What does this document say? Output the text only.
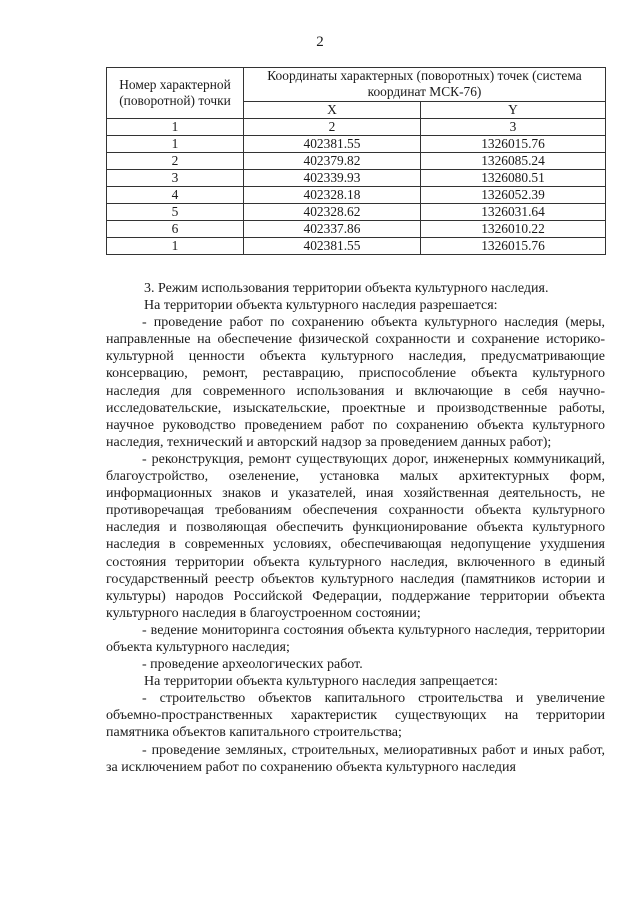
2
Номер характерной (поворотной) точки	Координаты характерных (поворотных) точек (система координат МСК-76)	
	X	Y
1	2	3
1	402381.55	1326015.76
2	402379.82	1326085.24
3	402339.93	1326080.51
4	402328.18	1326052.39
5	402328.62	1326031.64
6	402337.86	1326010.22
1	402381.55	1326015.76

3. Режим использования территории объекта культурного наследия.

На территории объекта культурного наследия разрешается:

- проведение работ по сохранению объекта культурного наследия (меры, направленные на обеспечение физической сохранности и сохранение историко-культурной ценности объекта культурного наследия, предусматривающие консервацию, ремонт, реставрацию, приспособление объекта культурного наследия для современного использования и включающие в себя научно-исследовательские, изыскательские, проектные и производственные работы, научное руководство проведением работ по сохранению объекта культурного наследия, технический и авторский надзор за проведением данных работ);

- реконструкция, ремонт существующих дорог, инженерных коммуникаций, благоустройство, озеленение, установка малых архитектурных форм, информационных знаков и указателей, иная хозяйственная деятельность, не противоречащая требованиям обеспечения сохранности объекта культурного наследия и позволяющая обеспечить функционирование объекта культурного наследия в современных условиях, обеспечивающая недопущение ухудшения состояния территории объекта культурного наследия, включенного в единый государственный реестр объектов культурного наследия (памятников истории и культуры) народов Российской Федерации, поддержание территории объекта культурного наследия в благоустроенном состоянии;

- ведение мониторинга состояния объекта культурного наследия, территории объекта культурного наследия;

- проведение археологических работ.

На территории объекта культурного наследия запрещается:

- строительство объектов капитального строительства и увеличение объемно-пространственных характеристик существующих на территории памятника объектов капитального строительства;

- проведение земляных, строительных, мелиоративных работ и иных работ, за исключением работ по сохранению объекта культурного наследия
